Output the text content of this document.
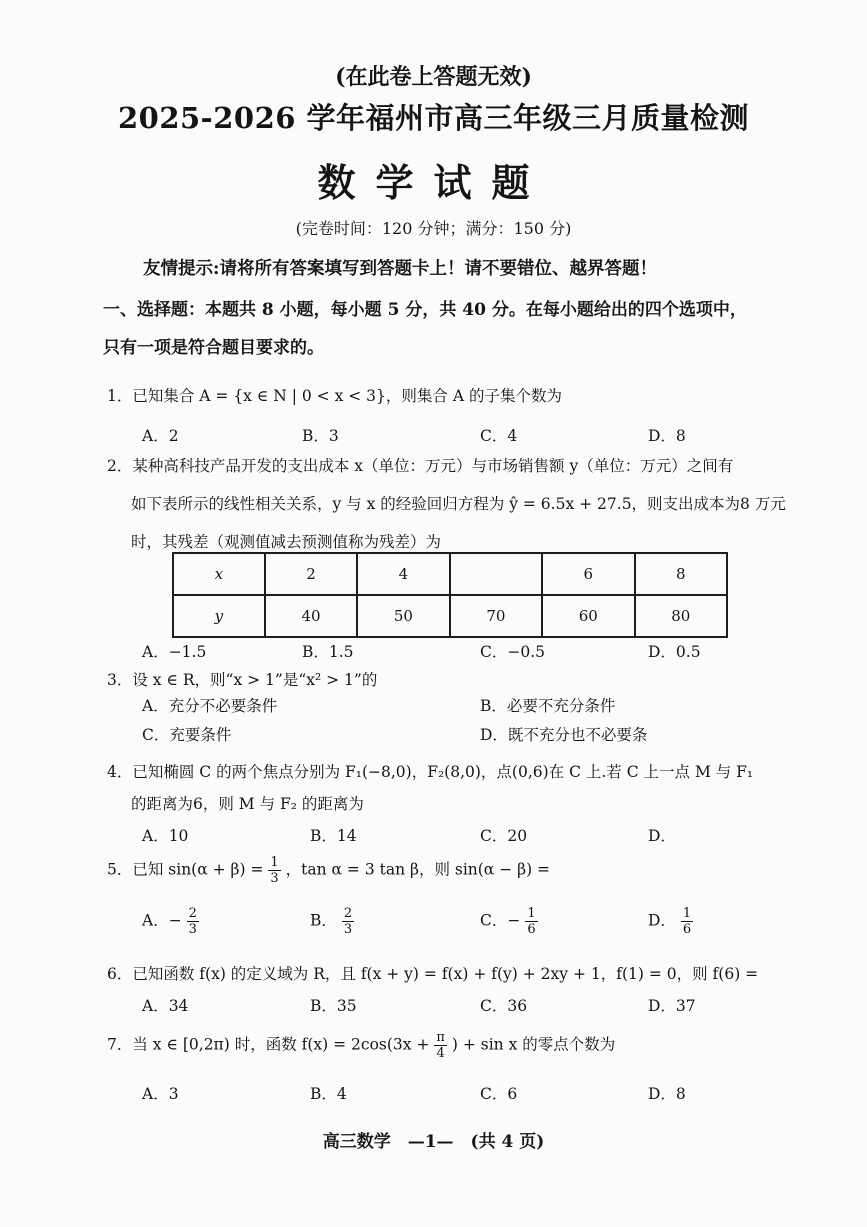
(在此卷上答题无效)
2025-2026 学年福州市高三年级三月质量检测
数学试题
(完卷时间：120 分钟；满分：150 分)
友情提示:请将所有答案填写到答题卡上！请不要错位、越界答题！
一、选择题：本题共 8 小题，每小题 5 分，共 40 分。在每小题给出的四个选项中，
只有一项是符合题目要求的。
1．已知集合 A = {x ∈ N | 0 < x < 3}，则集合 A 的子集个数为
A．2	B．3	C．4	D．8
2．某种高科技产品开发的支出成本 x（单位：万元）与市场销售额 y（单位：万元）之间有
如下表所示的线性相关关系，y 与 x 的经验回归方程为 ŷ = 6.5x + 27.5，则支出成本为8 万元
时，其残差（观测值减去预测值称为残差）为
x	2	4		6	8
y	40	50	70	60	80
A．−1.5	B．1.5	C．−0.5	D．0.5
3．设 x ∈ R，则“x > 1”是“x² > 1”的
A．充分不必要条件	B．必要不充分条件
C．充要条件	D．既不充分也不必要条
4．已知椭圆 C 的两个焦点分别为 F₁(−8,0)，F₂(8,0)，点(0,6)在 C 上.若 C 上一点 M 与 F₁
的距离为6，则 M 与 F₂ 的距离为
A．10	B．14	C．20	D．
5．已知 $\sin(\alpha + \beta) = \frac{1}{3}$ ，tan α = 3 tan β，则 sin(α − β) =
A．− $\frac{2}{3}$	B． $\frac{2}{3}$	C．− $\frac{1}{6}$	D． $\frac{1}{6}$
6．已知函数 f(x) 的定义域为 R，且 f(x + y) = f(x) + f(y) + 2xy + 1，f(1) = 0，则 f(6) =
A．34	B．35	C．36	D．37
7．当 x ∈ [0,2π) 时，函数 $f(x) = 2\cos(3x + \frac{\pi}{4}$ ) + sin x 的零点个数为
A．3	B．4	C．6	D．8
高三数学　—1—　(共 4 页)
